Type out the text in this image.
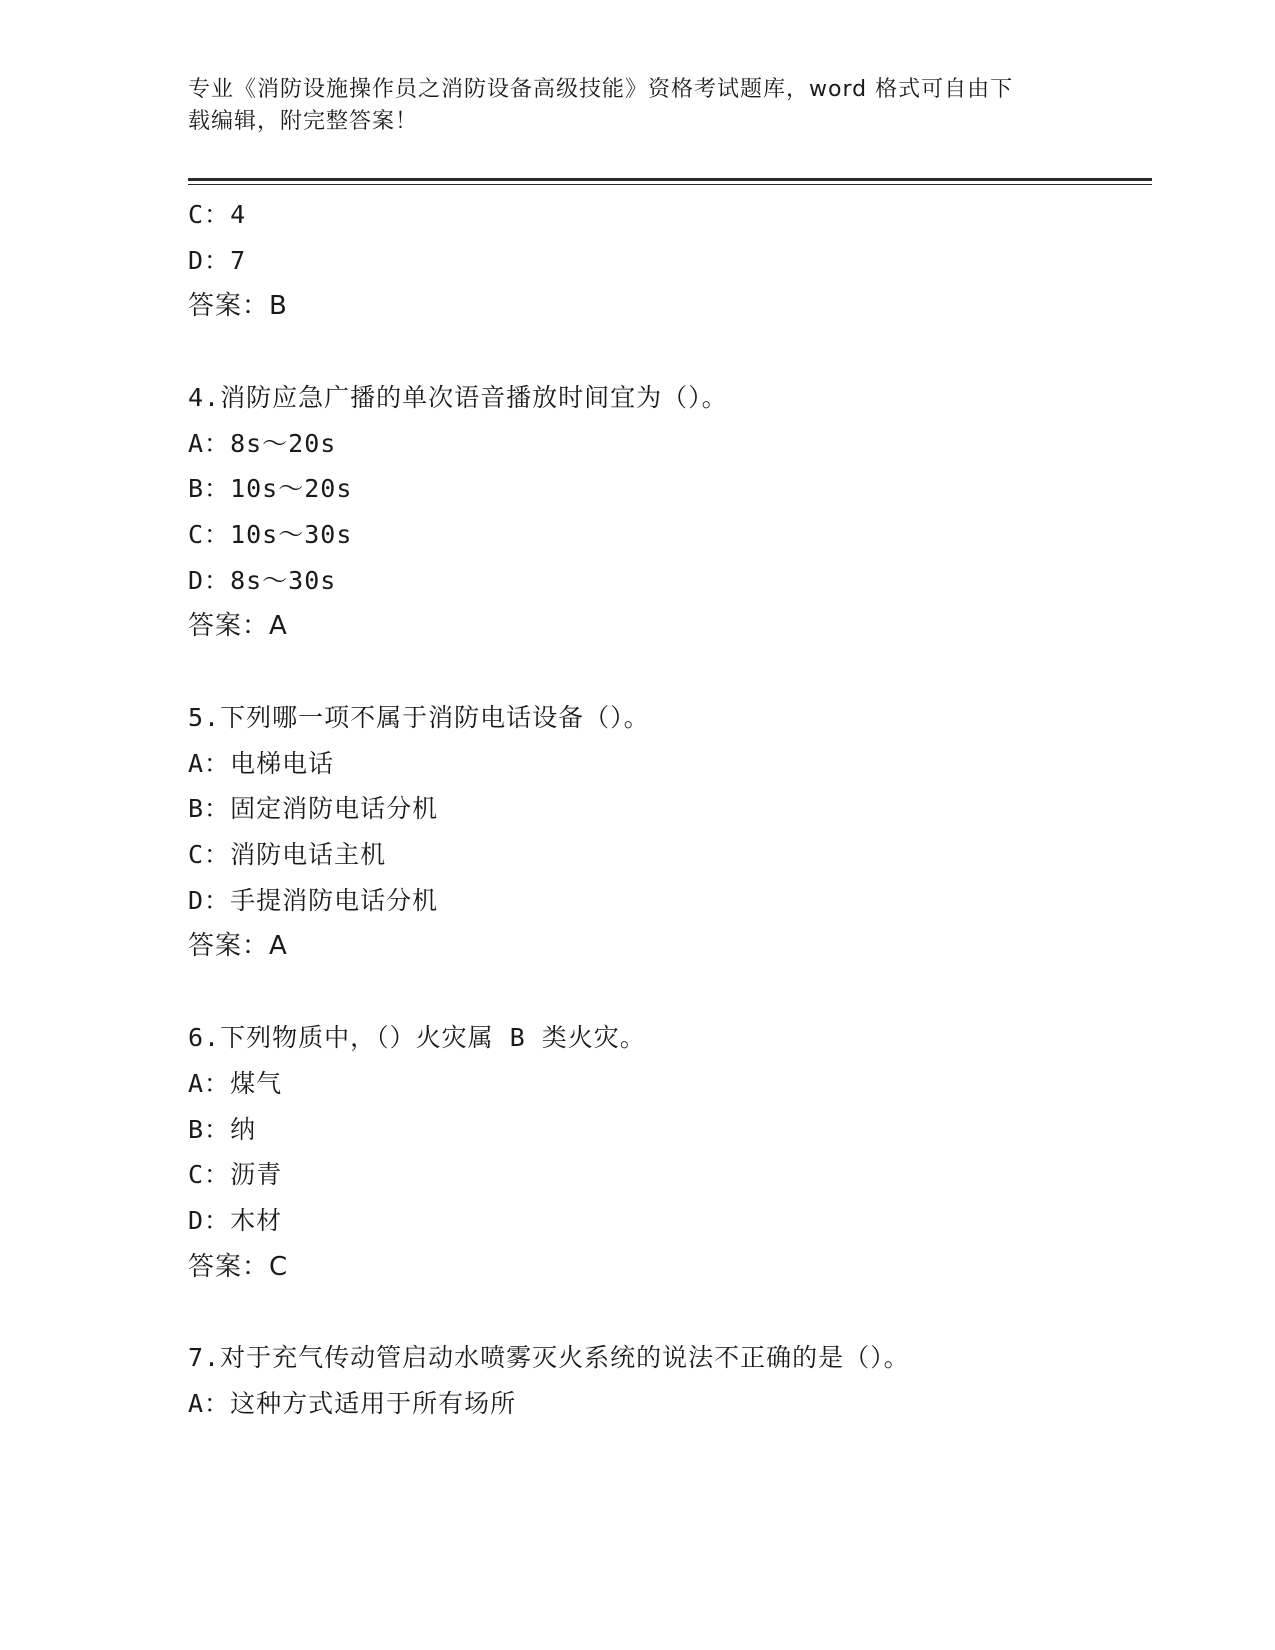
专业《消防设施操作员之消防设备高级技能》资格考试题库，word 格式可自由下
载编辑，附完整答案！
C： 4
D： 7
答案：B
4.消防应急广播的单次语音播放时间宜为（）。
A： 8s～20s
B： 10s～20s
C： 10s～30s
D： 8s～30s
答案：A
5.下列哪一项不属于消防电话设备（）。
A： 电梯电话
B： 固定消防电话分机
C： 消防电话主机
D： 手提消防电话分机
答案：A
6.下列物质中，（）火灾属 B 类火灾。
A： 煤气
B： 纳
C： 沥青
D： 木材
答案：C
7.对于充气传动管启动水喷雾灭火系统的说法不正确的是（）。
A： 这种方式适用于所有场所
